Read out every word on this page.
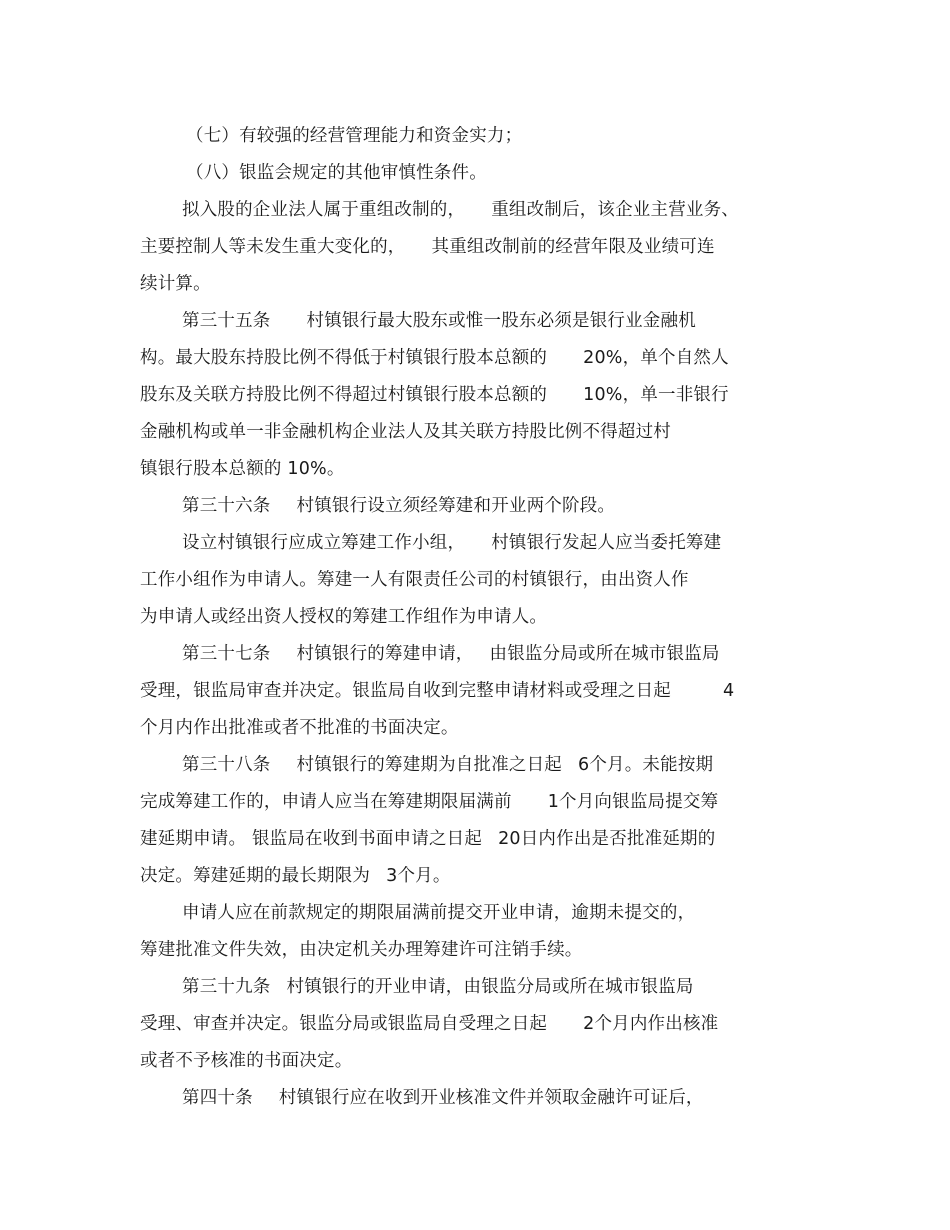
（七）有较强的经营管理能力和资金实力；
（八）银监会规定的其他审慎性条件。
拟入股的企业法人属于重组改制的， 重组改制后，该企业主营业务、
主要控制人等未发生重大变化的， 其重组改制前的经营年限及业绩可连
续计算。
第三十五条 村镇银行最大股东或惟一股东必须是银行业金融机
构。最大股东持股比例不得低于村镇银行股本总额的 20%，单个自然人
股东及关联方持股比例不得超过村镇银行股本总额的 10%，单一非银行
金融机构或单一非金融机构企业法人及其关联方持股比例不得超过村
镇银行股本总额的 10%。
第三十六条 村镇银行设立须经筹建和开业两个阶段。
设立村镇银行应成立筹建工作小组， 村镇银行发起人应当委托筹建
工作小组作为申请人。筹建一人有限责任公司的村镇银行，由出资人作
为申请人或经出资人授权的筹建工作组作为申请人。
第三十七条 村镇银行的筹建申请， 由银监分局或所在城市银监局
受理，银监局审查并决定。银监局自收到完整申请材料或受理之日起	4
个月内作出批准或者不批准的书面决定。
第三十八条 村镇银行的筹建期为自批准之日起 6个月。未能按期
完成筹建工作的，申请人应当在筹建期限届满前 1个月向银监局提交筹
建延期申请。 银监局在收到书面申请之日起 20日内作出是否批准延期的
决定。筹建延期的最长期限为 3个月。
申请人应在前款规定的期限届满前提交开业申请，逾期未提交的，
筹建批准文件失效，由决定机关办理筹建许可注销手续。
第三十九条 村镇银行的开业申请，由银监分局或所在城市银监局
受理、审查并决定。银监分局或银监局自受理之日起 2个月内作出核准
或者不予核准的书面决定。
第四十条 村镇银行应在收到开业核准文件并领取金融许可证后，
